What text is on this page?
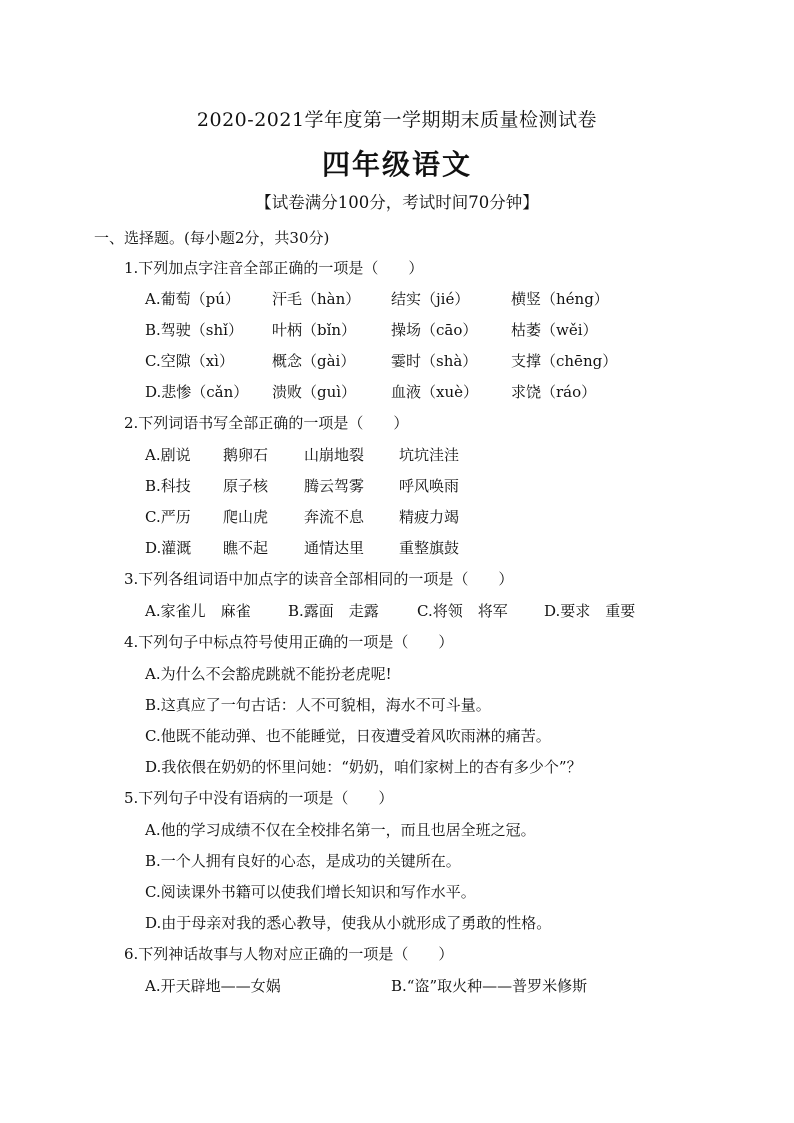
2020-2021学年度第一学期期末质量检测试卷
四年级语文
【试卷满分100分，考试时间70分钟】
一、选择题。(每小题2分，共30分)
1.下列加点字注音全部正确的一项是（　　）
A.葡萄（pú） 汗毛（hàn） 结实（jié）	横竖（héng）
B.驾驶（shǐ） 叶柄（bǐn） 操场（cāo） 枯萎（wěi）
C.空隙（xì）	概念（gài） 霎时（shà） 支撑（chēng）
D.悲惨（cǎn） 溃败（guì） 血液（xuè） 求饶（ráo）
2.下列词语书写全部正确的一项是（　　）
A.剧说 鹅卵石 山崩地裂 坑坑洼洼
B.科技 原子核 腾云驾雾 呼风唤雨
C.严历 爬山虎 奔流不息 精疲力竭
D.灌溉 瞧不起 通情达里 重整旗鼓
3.下列各组词语中加点字的读音全部相同的一项是（　　）
A.家雀儿　麻雀 B.露面　走露	C.将领　将军 D.要求　重要
4.下列句子中标点符号使用正确的一项是（　　）
A.为什么不会豁虎跳就不能扮老虎呢!
B.这真应了一句古话：人不可貌相，海水不可斗量。
C.他既不能动弹、也不能睡觉，日夜遭受着风吹雨淋的痛苦。
D.我依偎在奶奶的怀里问她：“奶奶，咱们家树上的杏有多少个”？
5.下列句子中没有语病的一项是（　　）
A.他的学习成绩不仅在全校排名第一，而且也居全班之冠。
B.一个人拥有良好的心态，是成功的关键所在。
C.阅读课外书籍可以使我们增长知识和写作水平。
D.由于母亲对我的悉心教导，使我从小就形成了勇敢的性格。
6.下列神话故事与人物对应正确的一项是（　　）
A.开天辟地——女娲	B.“盗”取火种——普罗米修斯
